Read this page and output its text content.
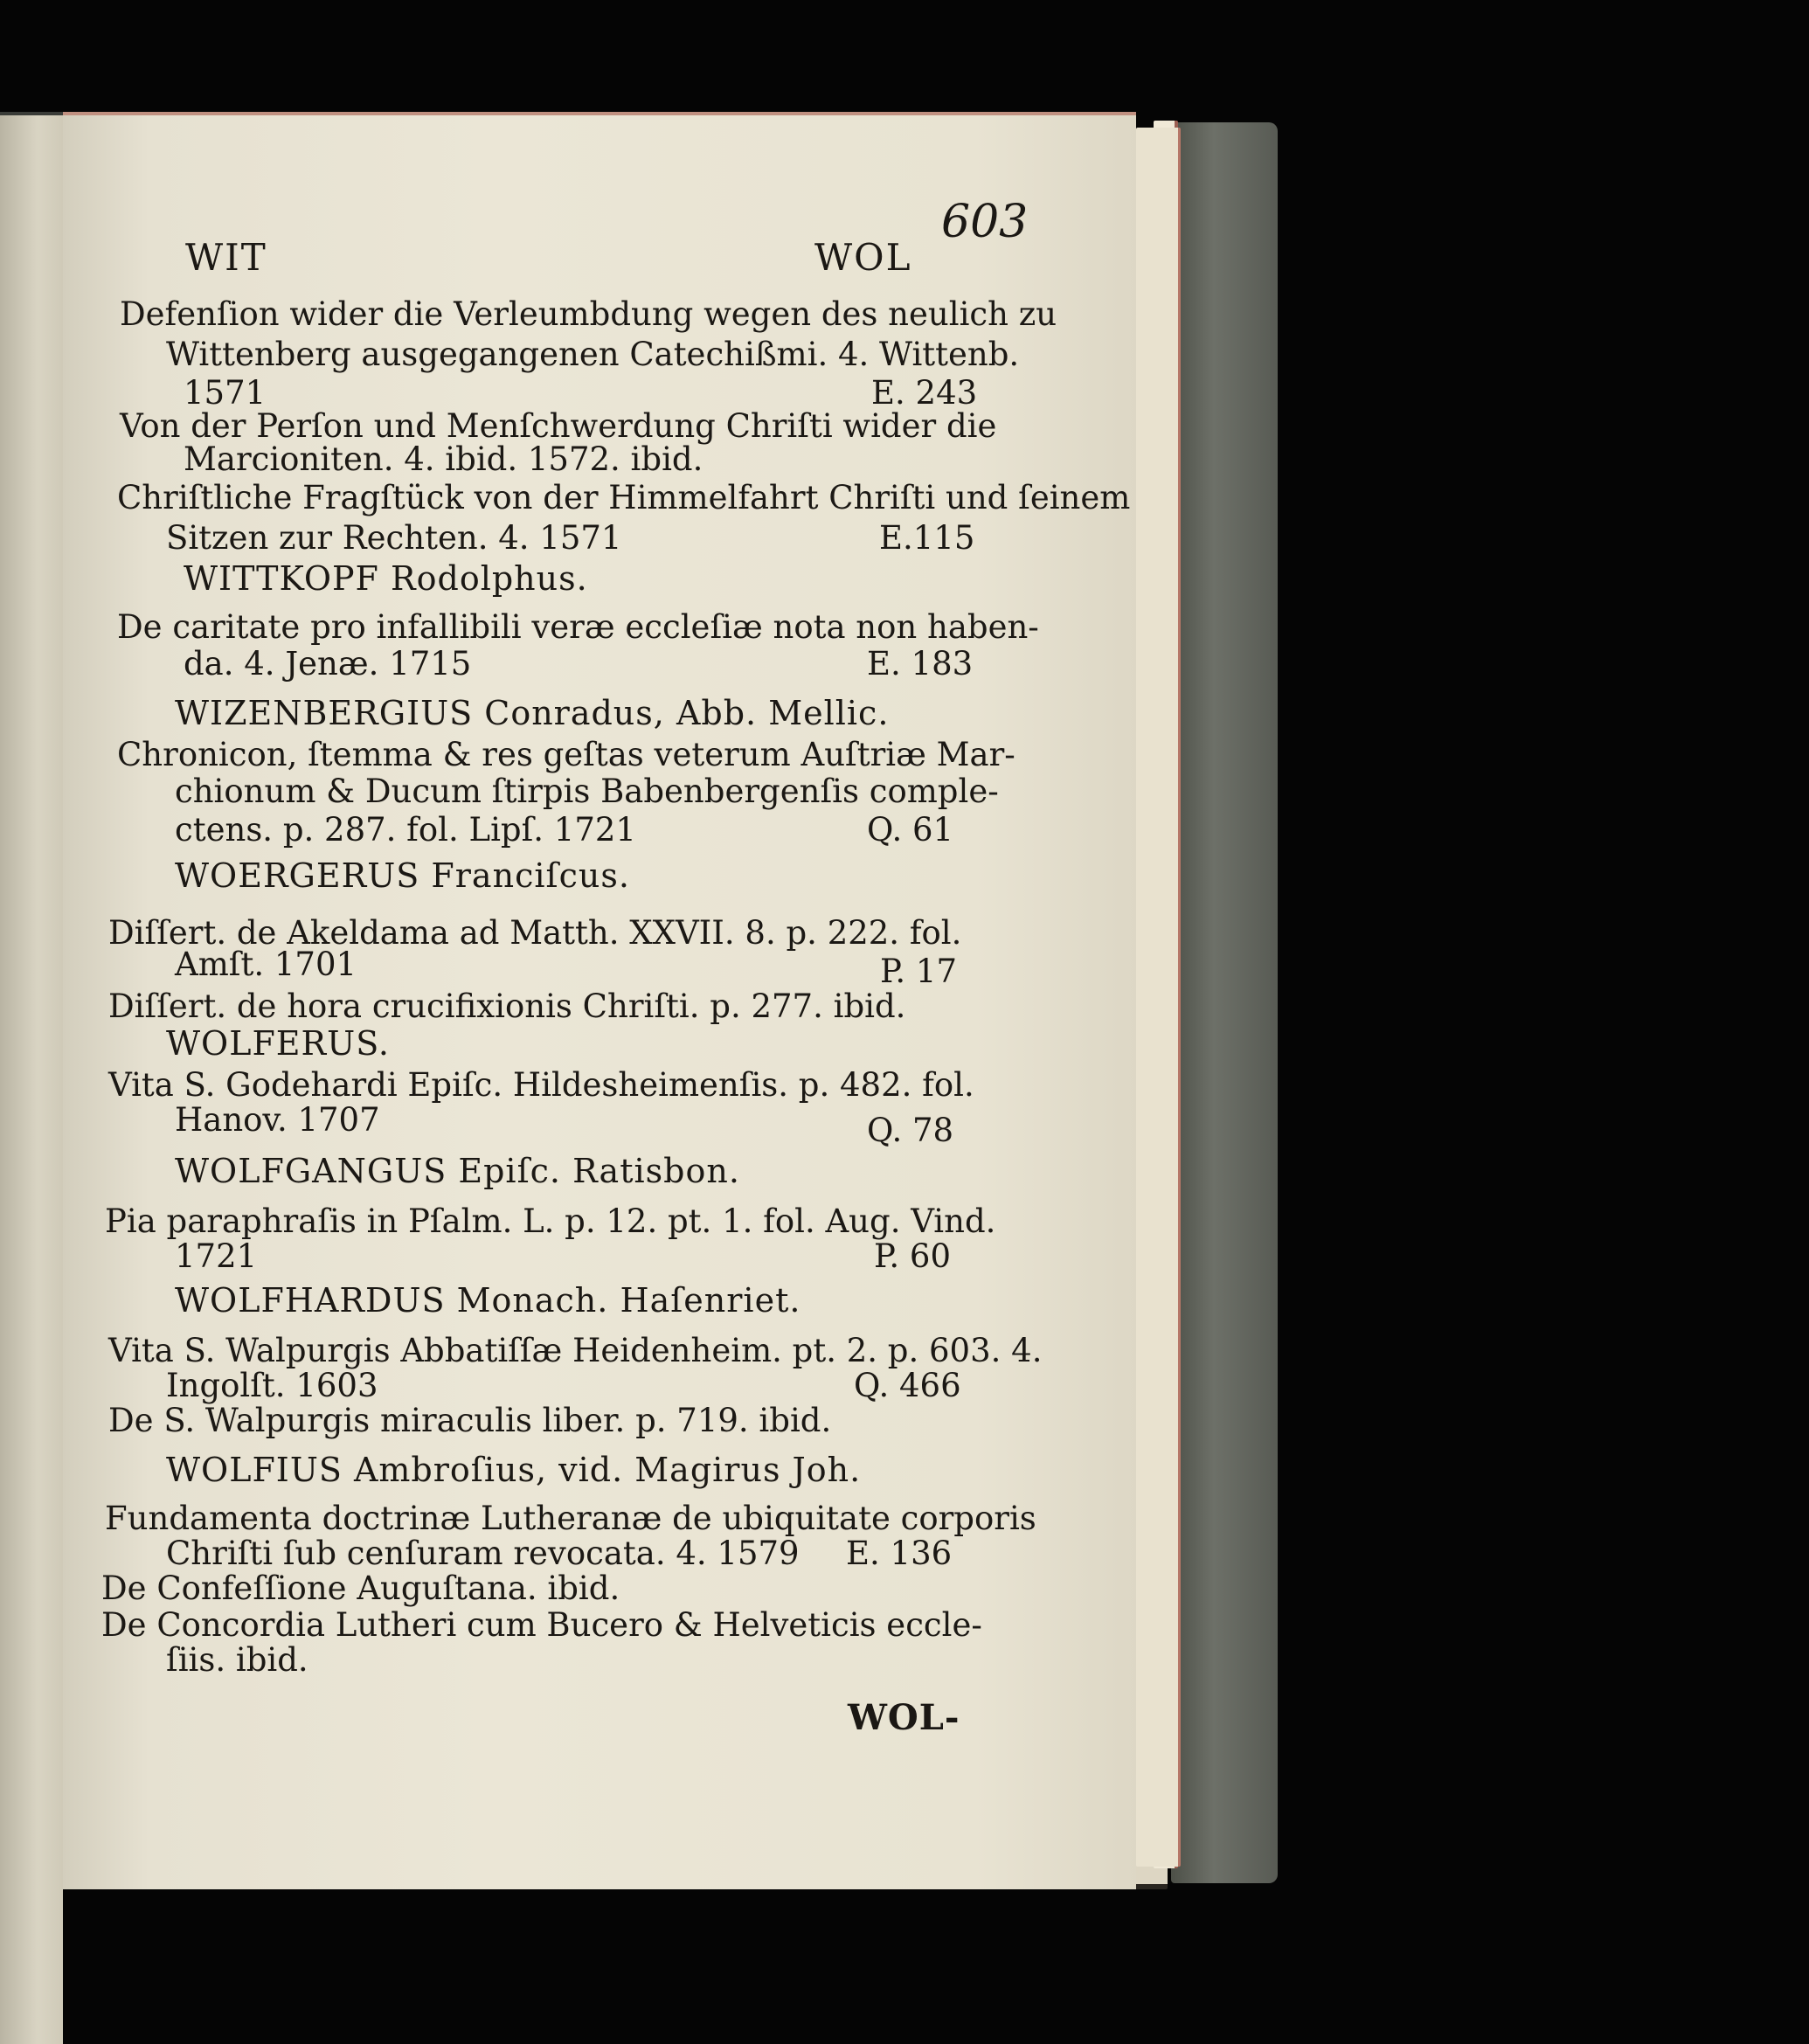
603
WIT	WOL
Defenſion wider die Verleumbdung wegen des neulich zu
Wittenberg ausgegangenen Catechißmi. 4. Wittenb.
1571	E. 243
Von der Perſon und Menſchwerdung Chriſti wider die
Marcioniten. 4. ibid. 1572. ibid.
Chriſtliche Fragſtück von der Himmelfahrt Chriſti und ſeinem
Sitzen zur Rechten. 4. 1571	E.115
WITTKOPF Rodolphus.
De caritate pro infallibili veræ eccleſiæ nota non haben-
da. 4. Jenæ. 1715	E. 183
WIZENBERGIUS Conradus, Abb. Mellic.
Chronicon, ſtemma & res geſtas veterum Auſtriæ Mar-
chionum & Ducum ſtirpis Babenbergenſis comple-
ctens. p. 287. fol. Lipſ. 1721	Q. 61
WOERGERUS Franciſcus.
Diſſert. de Akeldama ad Matth. XXVII. 8. p. 222. fol.
Amſt. 1701	P. 17
Diſſert. de hora crucifixionis Chriſti. p. 277. ibid.
WOLFERUS.
Vita S. Godehardi Epiſc. Hildesheimenſis. p. 482. fol.
Hanov. 1707	Q. 78
WOLFGANGUS Epiſc. Ratisbon.
Pia paraphraſis in Pſalm. L. p. 12. pt. 1. fol. Aug. Vind.
1721	P. 60
WOLFHARDUS Monach. Haſenriet.
Vita S. Walpurgis Abbatiſſæ Heidenheim. pt. 2. p. 603. 4.
Ingolſt. 1603	Q. 466
De S. Walpurgis miraculis liber. p. 719. ibid.
WOLFIUS Ambroſius, vid. Magirus Joh.
Fundamenta doctrinæ Lutheranæ de ubiquitate corporis
Chriſti ſub cenſuram revocata. 4. 1579 E. 136
De Confeſſione Auguſtana. ibid.
De Concordia Lutheri cum Bucero & Helveticis eccle-
ſiis. ibid.
WOL-
